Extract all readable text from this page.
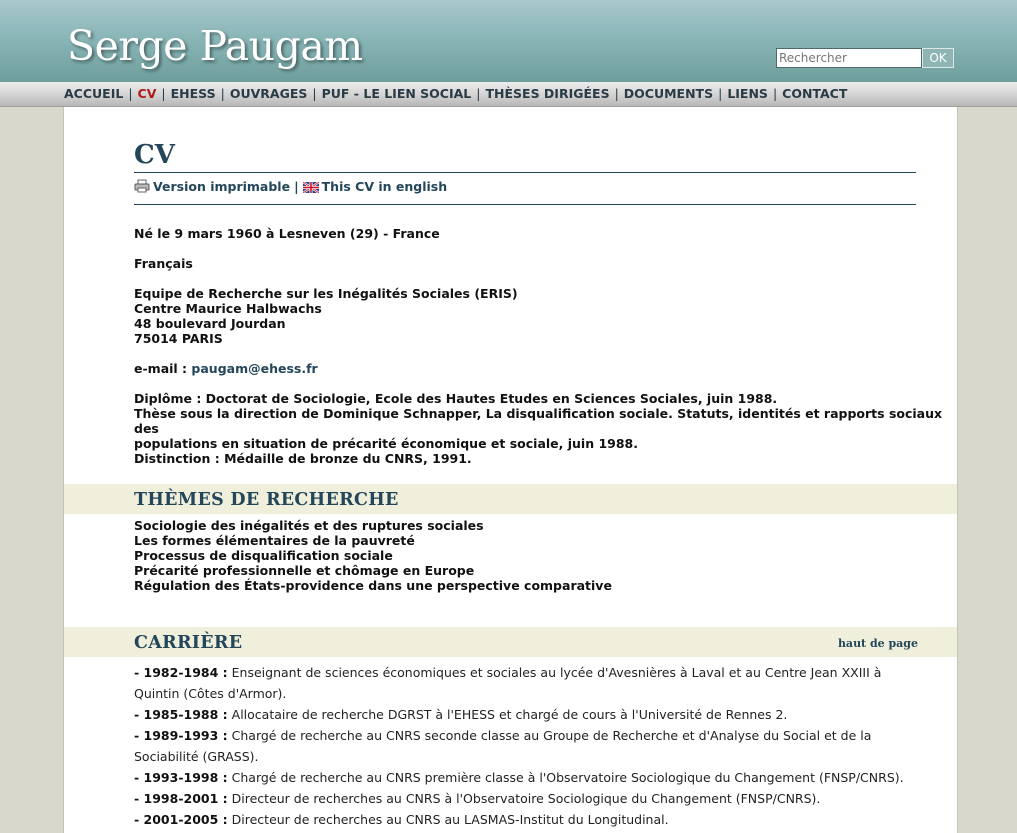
Serge Paugam
Rechercher	OK
ACCUEIL | CV | EHESS | OUVRAGES | PUF - LE LIEN SOCIAL | THÈSES DIRIGÉES | DOCUMENTS | LIENS | CONTACT
CV
Version imprimable | This CV in english
Né le 9 mars 1960 à Lesneven (29) - France
Français
Equipe de Recherche sur les Inégalités Sociales (ERIS)
Centre Maurice Halbwachs
48 boulevard Jourdan
75014 PARIS
e-mail : paugam@ehess.fr
Diplôme : Doctorat de Sociologie, Ecole des Hautes Etudes en Sciences Sociales, juin 1988.
Thèse sous la direction de Dominique Schnapper, La disqualification sociale. Statuts, identités et rapports sociaux des
populations en situation de précarité économique et sociale, juin 1988.
Distinction : Médaille de bronze du CNRS, 1991.
THÈMES DE RECHERCHE
Sociologie des inégalités et des ruptures sociales
Les formes élémentaires de la pauvreté
Processus de disqualification sociale
Précarité professionnelle et chômage en Europe
Régulation des États-providence dans une perspective comparative
CARRIÈRE	haut de page

- 1982-1984 : Enseignant de sciences économiques et sociales au lycée d'Avesnières à Laval et au Centre Jean XXIII à Quintin (Côtes d'Armor).

- 1985-1988 : Allocataire de recherche DGRST à l'EHESS et chargé de cours à l'Université de Rennes 2.

- 1989-1993 : Chargé de recherche au CNRS seconde classe au Groupe de Recherche et d'Analyse du Social et de la Sociabilité (GRASS).

- 1993-1998 : Chargé de recherche au CNRS première classe à l'Observatoire Sociologique du Changement (FNSP/CNRS).

- 1998-2001 : Directeur de recherches au CNRS à l'Observatoire Sociologique du Changement (FNSP/CNRS).

- 2001-2005 : Directeur de recherches au CNRS au LASMAS-Institut du Longitudinal.
